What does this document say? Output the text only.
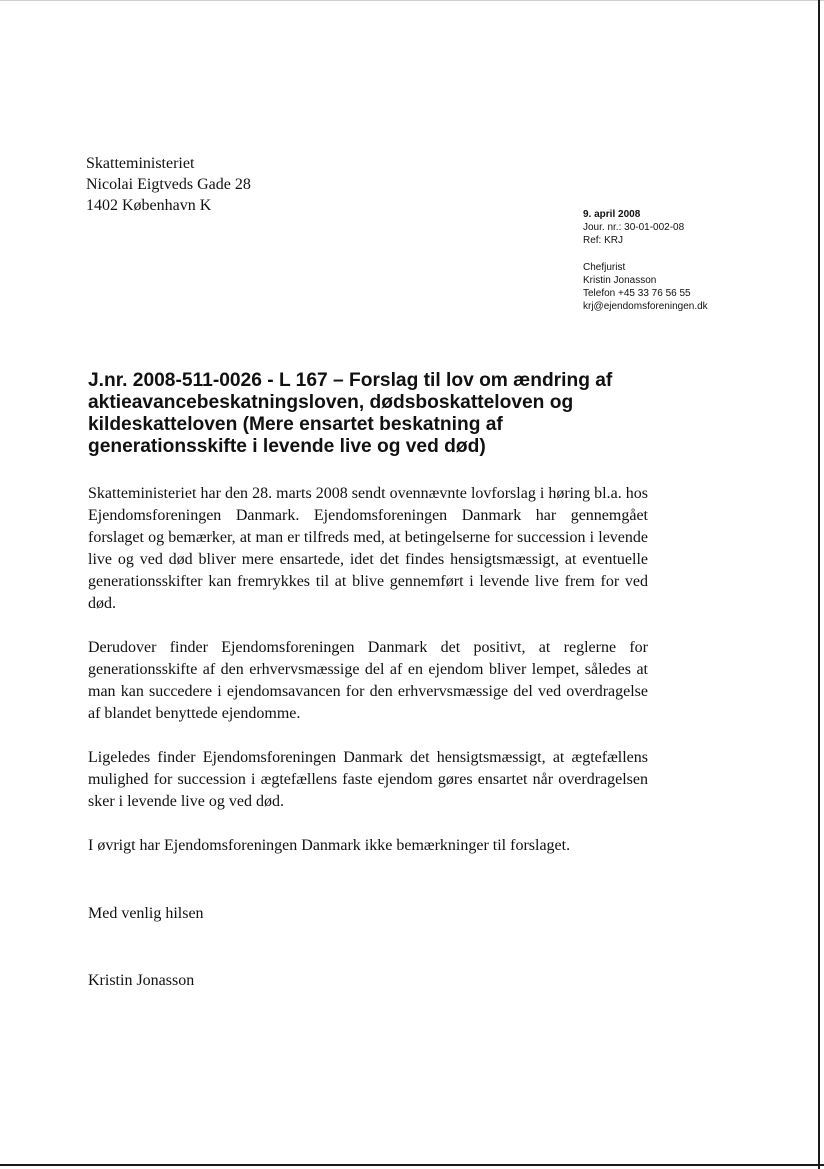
Skatteministeriet
Nicolai Eigtveds Gade 28
1402 København K
9. april 2008
Jour. nr.: 30-01-002-08
Ref: KRJ
Chefjurist
Kristin Jonasson
Telefon +45 33 76 56 55
krj@ejendomsforeningen.dk
J.nr. 2008-511-0026 - L 167 – Forslag til lov om ændring af aktieavancebeskatningsloven, dødsboskatteloven og kildeskatteloven (Mere ensartet beskatning af generationsskifte i levende live og ved død)

Skatteministeriet har den 28. marts 2008 sendt ovennævnte lovforslag i høring bl.a. hos Ejendomsforeningen Danmark. Ejendomsforeningen Danmark har gennemgået forslaget og bemærker, at man er tilfreds med, at betingelserne for succession i levende live og ved død bliver mere ensartede, idet det findes hensigtsmæssigt, at eventuelle generationsskifter kan fremrykkes til at blive gennemført i levende live frem for ved død.

Derudover finder Ejendomsforeningen Danmark det positivt, at reglerne for generationsskifte af den erhvervsmæssige del af en ejendom bliver lempet, således at man kan succedere i ejendomsavancen for den erhvervsmæssige del ved overdragelse af blandet benyttede ejendomme.

Ligeledes finder Ejendomsforeningen Danmark det hensigtsmæssigt, at ægtefællens mulighed for succession i ægtefællens faste ejendom gøres ensartet når overdragelsen sker i levende live og ved død.

I øvrigt har Ejendomsforeningen Danmark ikke bemærkninger til forslaget.

Med venlig hilsen
Kristin Jonasson
